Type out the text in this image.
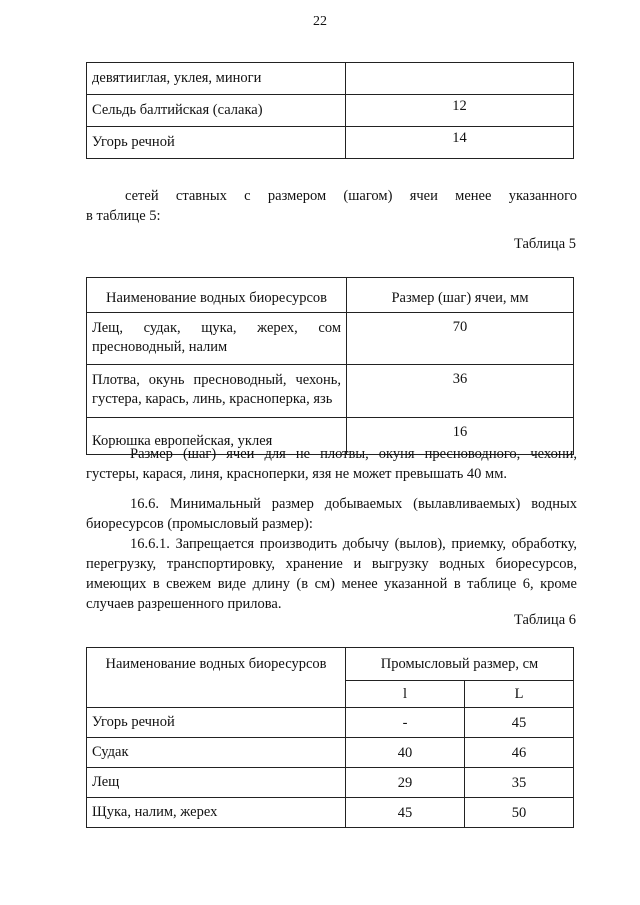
22
девятииглая, уклея, миноги	
Сельдь балтийская (салака)	12
Угорь речной	14
сетей ставных с размером (шагом) ячеи менее указанного
в таблице 5:
Таблица 5
Наименование водных биоресурсов	Размер (шаг) ячеи, мм

Лещ, судак, щука, жерех, сом
пресноводный, налим	70

Плотва, окунь пресноводный, чехонь,
густера, карась, линь, красноперка, язь	36
Корюшка европейская, уклея	16
Размер (шаг) ячеи для не плотвы, окуня пресноводного, чехони, густеры, карася, линя, красноперки, язя не может превышать 40 мм.
16.6. Минимальный размер добываемых (вылавливаемых) водных биоресурсов (промысловый размер):
16.6.1. Запрещается производить добычу (вылов), приемку, обработку, перегрузку, транспортировку, хранение и выгрузку водных биоресурсов, имеющих в свежем виде длину (в см) менее указанной в таблице 6, кроме случаев разрешенного прилова.
Таблица 6
Наименование водных биоресурсов	Промысловый размер, см	
	l	L
Угорь речной	-	45
Судак	40	46
Лещ	29	35
Щука, налим, жерех	45	50
